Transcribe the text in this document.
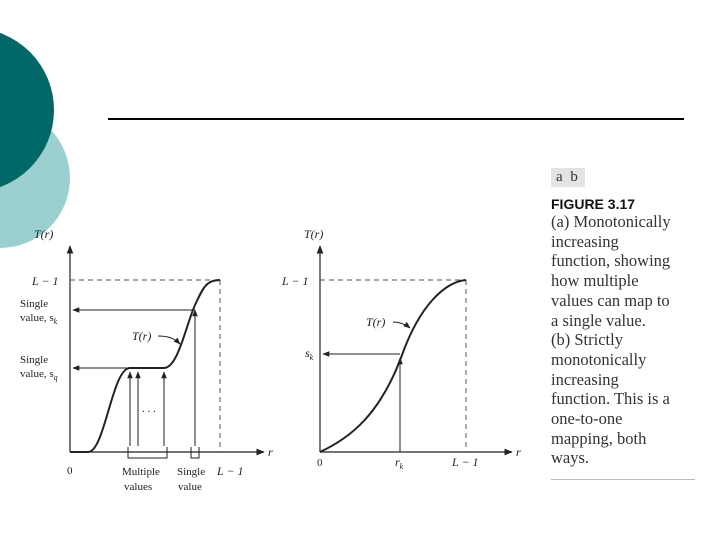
T(r)
r
L − 1
Single
value, $s_k$
Single
value, $s_q$
T(r)
. . .
0	Multiple
values
Single
value
L − 1
T(r)
r
L − 1
T(r)
$s_k$
0	$r_k$	L − 1
a b
FIGURE 3.17
(a) Monotonically
increasing
function, showing
how multiple
values can map to
a single value.
(b) Strictly
monotonically
increasing
function. This is a
one-to-one
mapping, both
ways.
